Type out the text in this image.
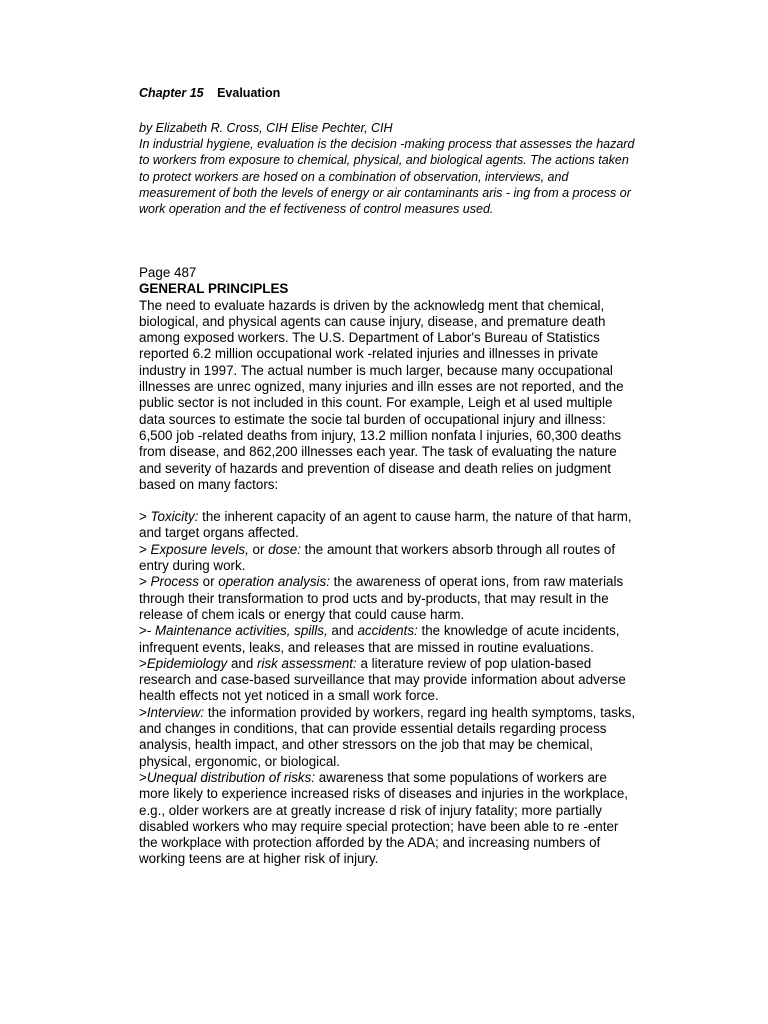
Chapter 15 Evaluation

by Elizabeth R. Cross, CIH Elise Pechter, CIH

In industrial hygiene, evaluation is the decision -making process that assesses the hazard to workers from exposure to chemical, physical, and biological agents. The actions taken to protect workers are hosed on a combination of observation, interviews, and measurement of both the levels of energy or air contaminants aris - ing from a process or work operation and the ef fectiveness of control measures used.

Page 487

GENERAL PRINCIPLES

The need to evaluate hazards is driven by the acknowledg ment that chemical, biological, and physical agents can cause injury, disease, and premature death among exposed workers. The U.S. Department of Labor's Bureau of Statistics reported 6.2 million occupational work -related injuries and illnesses in private industry in 1997. The actual number is much larger, because many occupational illnesses are unrec ognized, many injuries and illn esses are not reported, and the public sector is not included in this count. For example, Leigh et al used multiple data sources to estimate the socie tal burden of occupational injury and illness: 6,500 job -related deaths from injury, 13.2 million nonfata l injuries, 60,300 deaths from disease, and 862,200 illnesses each year. The task of evaluating the nature and severity of hazards and prevention of disease and death relies on judgment based on many factors:

> Toxicity: the inherent capacity of an agent to cause harm, the nature of that harm, and target organs affected.

> Exposure levels, or dose: the amount that workers absorb through all routes of entry during work.

> Process or operation analysis: the awareness of operat ions, from raw materials through their transformation to prod ucts and by-products, that may result in the release of chem icals or energy that could cause harm.

>- Maintenance activities, spills, and accidents: the knowledge of acute incidents, infrequent events, leaks, and releases that are missed in routine evaluations.

>Epidemiology and risk assessment: a literature review of pop ulation-based research and case-based surveillance that may provide information about adverse health effects not yet noticed in a small work force.

>Interview: the information provided by workers, regard ing health symptoms, tasks, and changes in conditions, that can provide essential details regarding process analysis, health impact, and other stressors on the job that may be chemical, physical, ergonomic, or biological.

>Unequal distribution of risks: awareness that some populations of workers are more likely to experience increased risks of diseases and injuries in the workplace, e.g., older workers are at greatly increase d risk of injury fatality; more partially disabled workers who may require special protection; have been able to re -enter the workplace with protection afforded by the ADA; and increasing numbers of working teens are at higher risk of injury.
